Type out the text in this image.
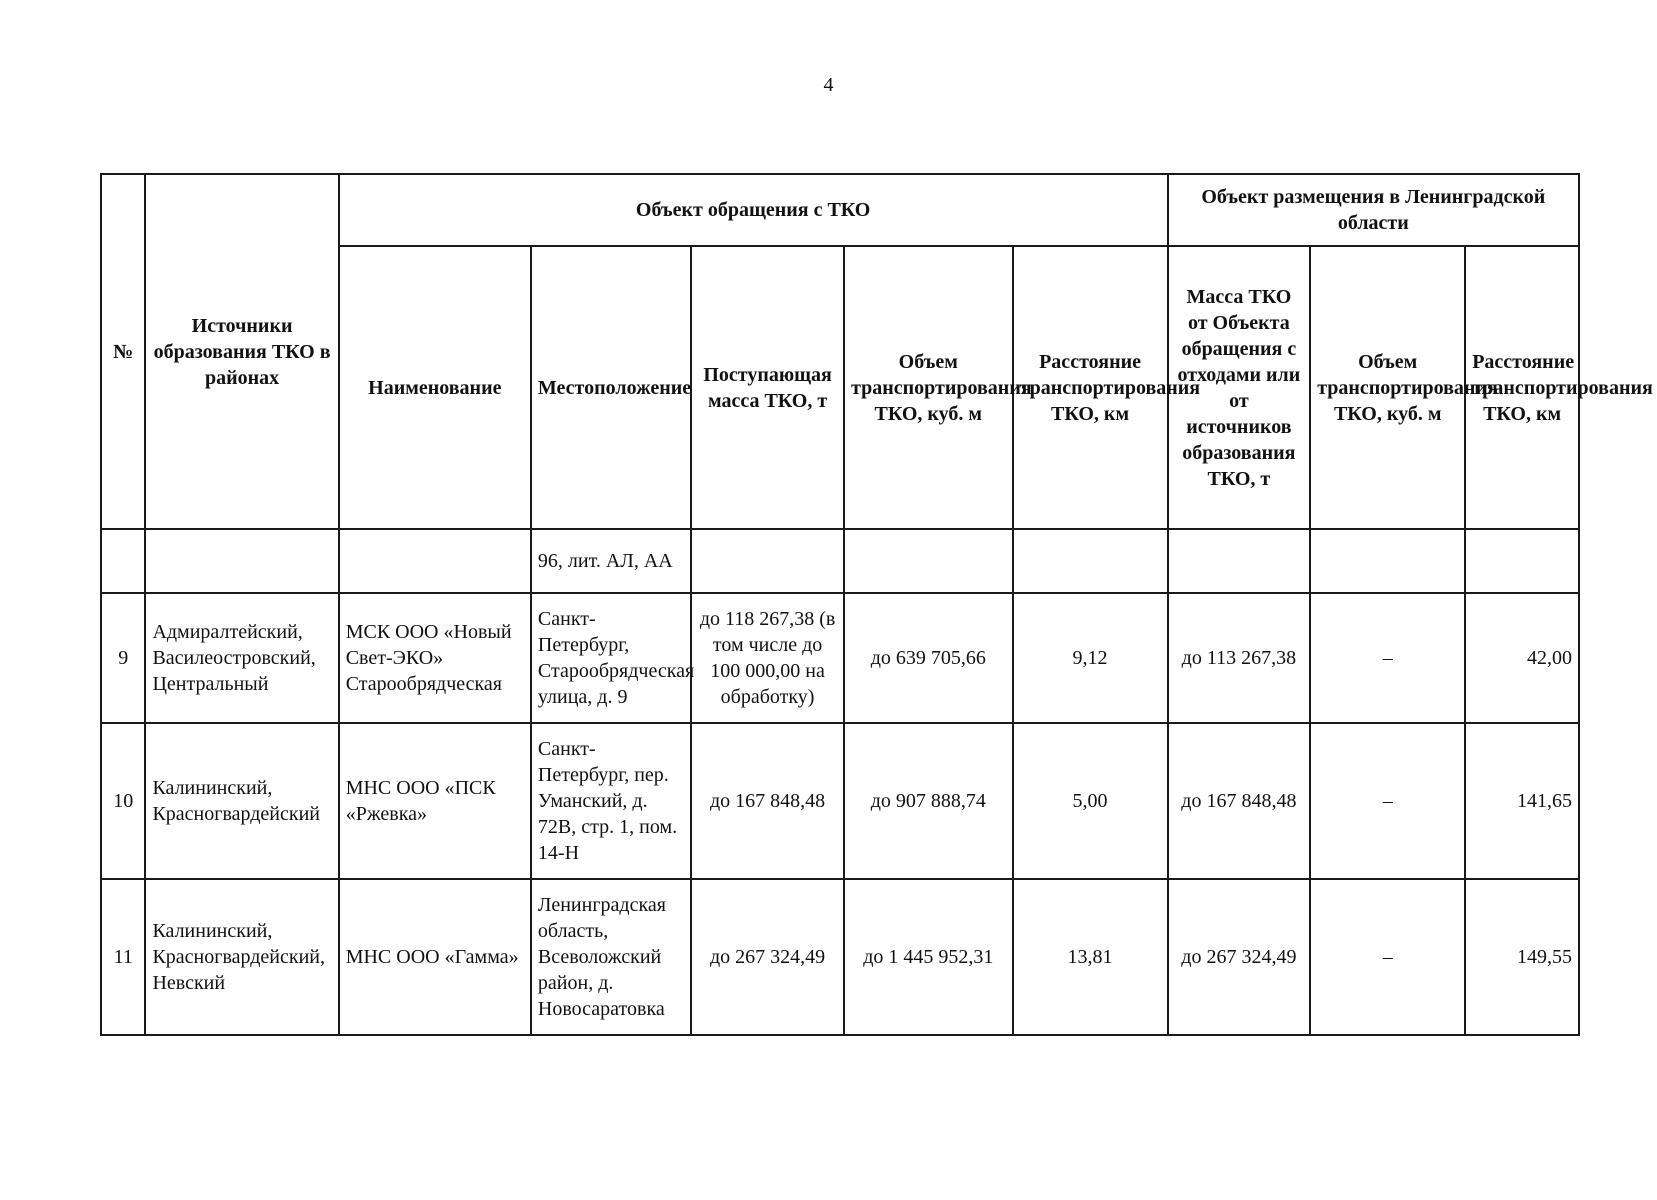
4
№	Источники образования ТКО в районах	Объект обращения с ТКО					Объект размещения в Ленинградской области		
		Наименование	Местоположение	Поступающая масса ТКО, т	Объем транспортирования ТКО, куб. м	Расстояние транспортирования ТКО, км	Масса ТКО от Объекта обращения с отходами или от источников образования ТКО, т	Объем транспортирования ТКО, куб. м	Расстояние транспортирования ТКО, км
			96, лит. АЛ, АА						
9	Адмиралтейский, Василеостровский, Центральный	МСК ООО «Новый Свет-ЭКО» Старообрядческая	Санкт-Петербург, Старообрядческая улица, д. 9	до 118 267,38 (в том числе до 100 000,00 на обработку)	до 639 705,66	9,12	до 113 267,38	–	42,00
10	Калининский, Красногвардейский	МНС ООО «ПСК «Ржевка»	Санкт-Петербург, пер. Уманский, д. 72В, стр. 1, пом. 14-Н	до 167 848,48	до 907 888,74	5,00	до 167 848,48	–	141,65
11	Калининский, Красногвардейский, Невский	МНС ООО «Гамма»	Ленинградская область, Всеволожский район, д. Новосаратовка	до 267 324,49	до 1 445 952,31	13,81	до 267 324,49	–	149,55
